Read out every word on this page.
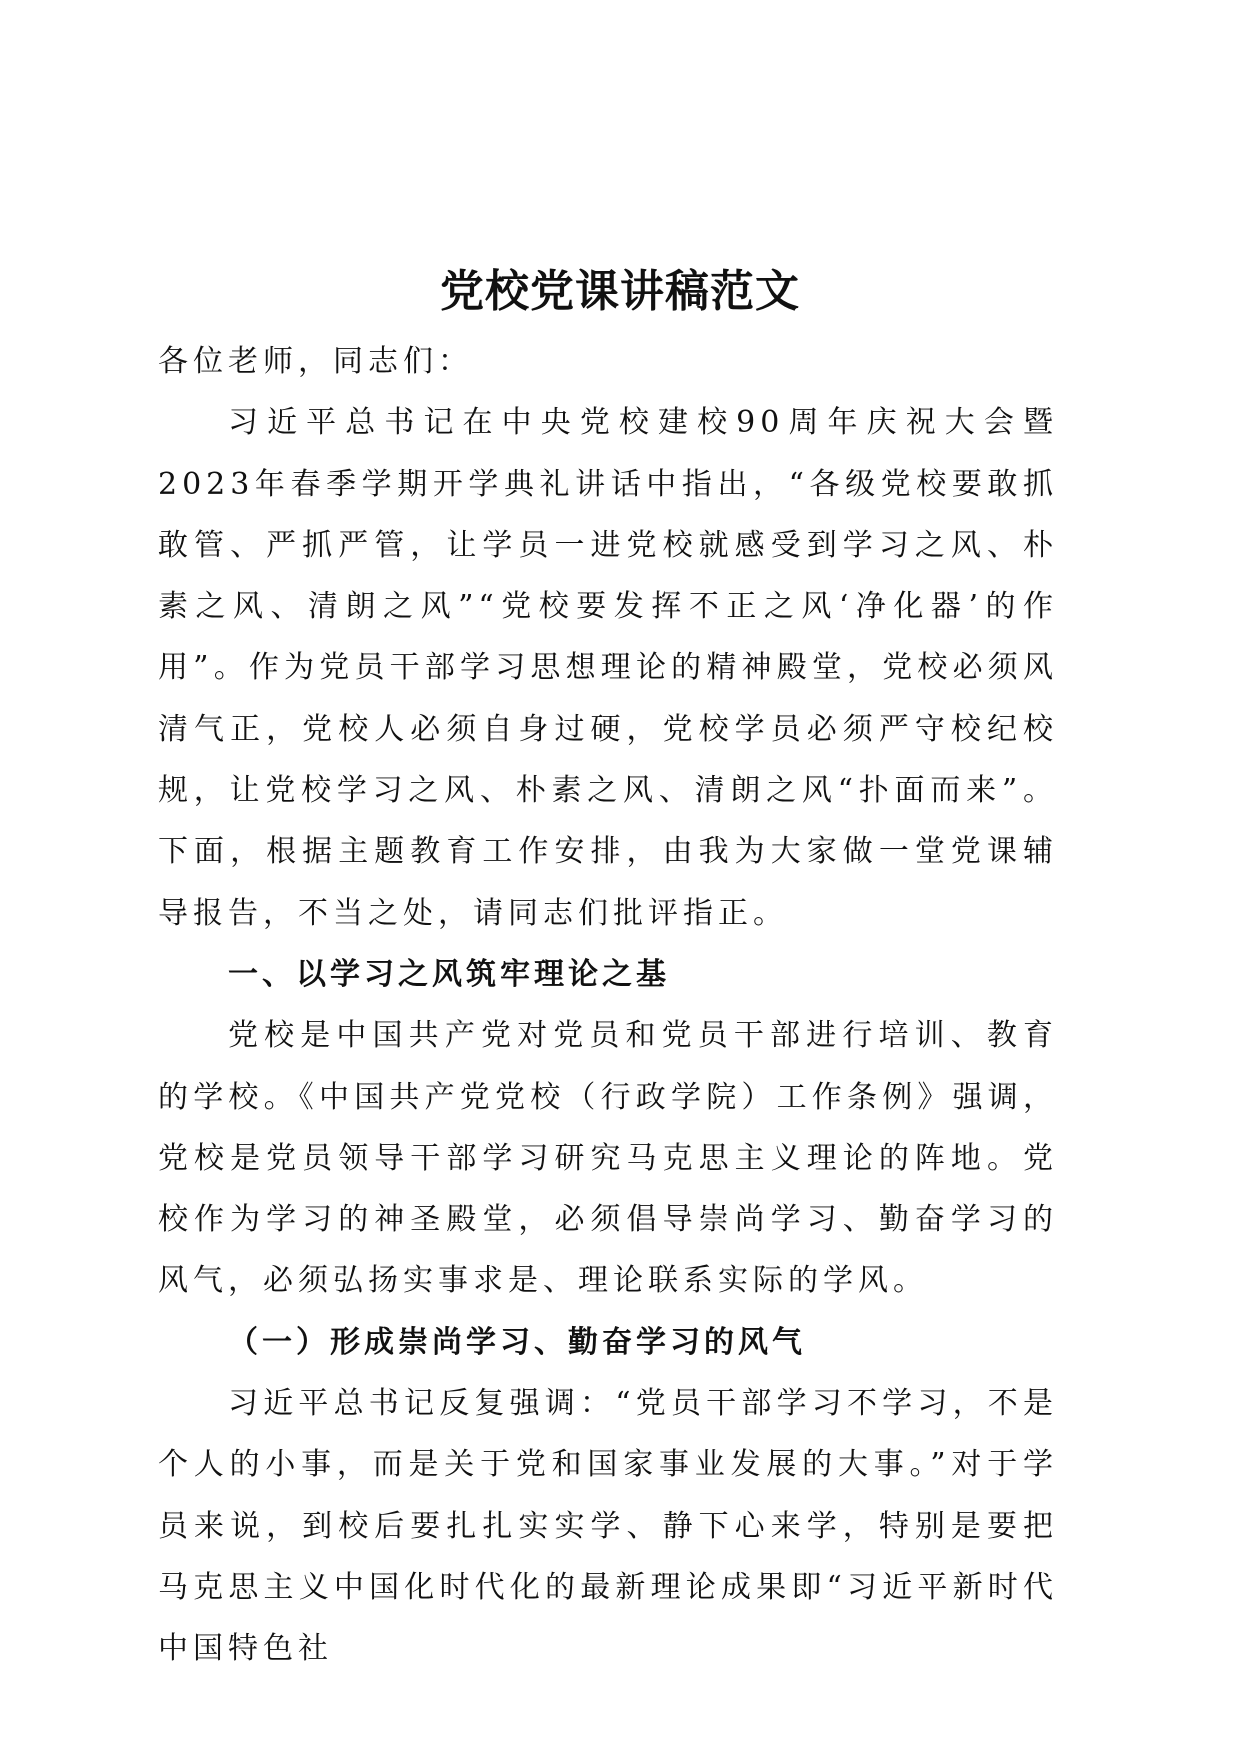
党校党课讲稿范文

各位老师，同志们：

习近平总书记在中央党校建校90周年庆祝大会暨2023年春季学期开学典礼讲话中指出，“各级党校要敢抓敢管、严抓严管，让学员一进党校就感受到学习之风、朴素之风、清朗之风”“党校要发挥不正之风‘净化器’的作用”。作为党员干部学习思想理论的精神殿堂，党校必须风清气正，党校人必须自身过硬，党校学员必须严守校纪校规，让党校学习之风、朴素之风、清朗之风“扑面而来”。下面，根据主题教育工作安排，由我为大家做一堂党课辅导报告，不当之处，请同志们批评指正。

一、以学习之风筑牢理论之基

党校是中国共产党对党员和党员干部进行培训、教育的学校。《中国共产党党校（行政学院）工作条例》强调，党校是党员领导干部学习研究马克思主义理论的阵地。党校作为学习的神圣殿堂，必须倡导崇尚学习、勤奋学习的风气，必须弘扬实事求是、理论联系实际的学风。

（一）形成崇尚学习、勤奋学习的风气

习近平总书记反复强调：“党员干部学习不学习，不是个人的小事，而是关于党和国家事业发展的大事。”对于学员来说，到校后要扎扎实实学、静下心来学，特别是要把马克思主义中国化时代化的最新理论成果即“习近平新时代中国特色社
